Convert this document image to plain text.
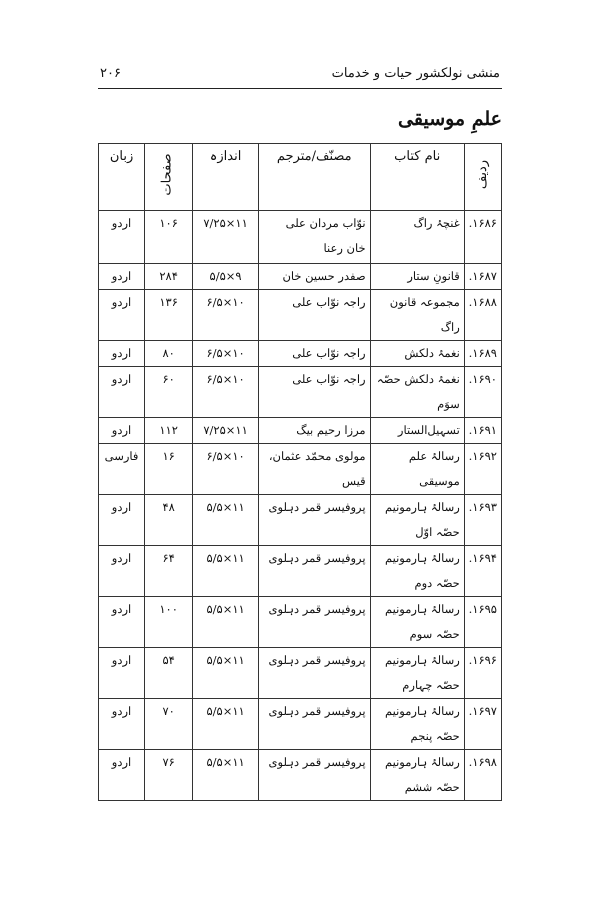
منشی نولکشور حیات و خدمات
۲۰۶
علمِ موسیقی
ردیف	نام کتاب	مصنّف/مترجم	اندازہ	صفحات	زبان
۱۶۸۶.	غنچۂ راگ	نوّاب مردان علی خان رعنا	۱۱×۷/۲۵	۱۰۶	اردو
۱۶۸۷.	قانونِ ستار	صفدر حسین خان	۹×۵/۵	۲۸۴	اردو
۱۶۸۸.	مجموعہ قانون راگ	راجہ نوّاب علی	۱۰×۶/۵	۱۳۶	اردو
۱۶۸۹.	نغمۂ دلکش	راجہ نوّاب علی	۱۰×۶/۵	۸۰	اردو
۱۶۹۰.	نغمۂ دلکش حصّہ سوَم	راجہ نوّاب علی	۱۰×۶/۵	۶۰	اردو
۱۶۹۱.	تسہیل‌الستار	مرزا رحیم بیگ	۱۱×۷/۲۵	۱۱۲	اردو
۱۶۹۲.	رسالۂ علم موسیقی	مولوی محمّد عثمان، قیس	۱۰×۶/۵	۱۶	فارسی
۱۶۹۳.	رسالۂ ہارمونیم حصّہ اوّل	پروفیسر قمر دہلوی	۱۱×۵/۵	۴۸	اردو
۱۶۹۴.	رسالۂ ہارمونیم حصّہ دوم	پروفیسر قمر دہلوی	۱۱×۵/۵	۶۴	اردو
۱۶۹۵.	رسالۂ ہارمونیم حصّہ سوم	پروفیسر قمر دہلوی	۱۱×۵/۵	۱۰۰	اردو
۱۶۹۶.	رسالۂ ہارمونیم حصّہ چہارم	پروفیسر قمر دہلوی	۱۱×۵/۵	۵۴	اردو
۱۶۹۷.	رسالۂ ہارمونیم حصّہ پنجم	پروفیسر قمر دہلوی	۱۱×۵/۵	۷۰	اردو
۱۶۹۸.	رسالۂ ہارمونیم حصّہ ششم	پروفیسر قمر دہلوی	۱۱×۵/۵	۷۶	اردو
